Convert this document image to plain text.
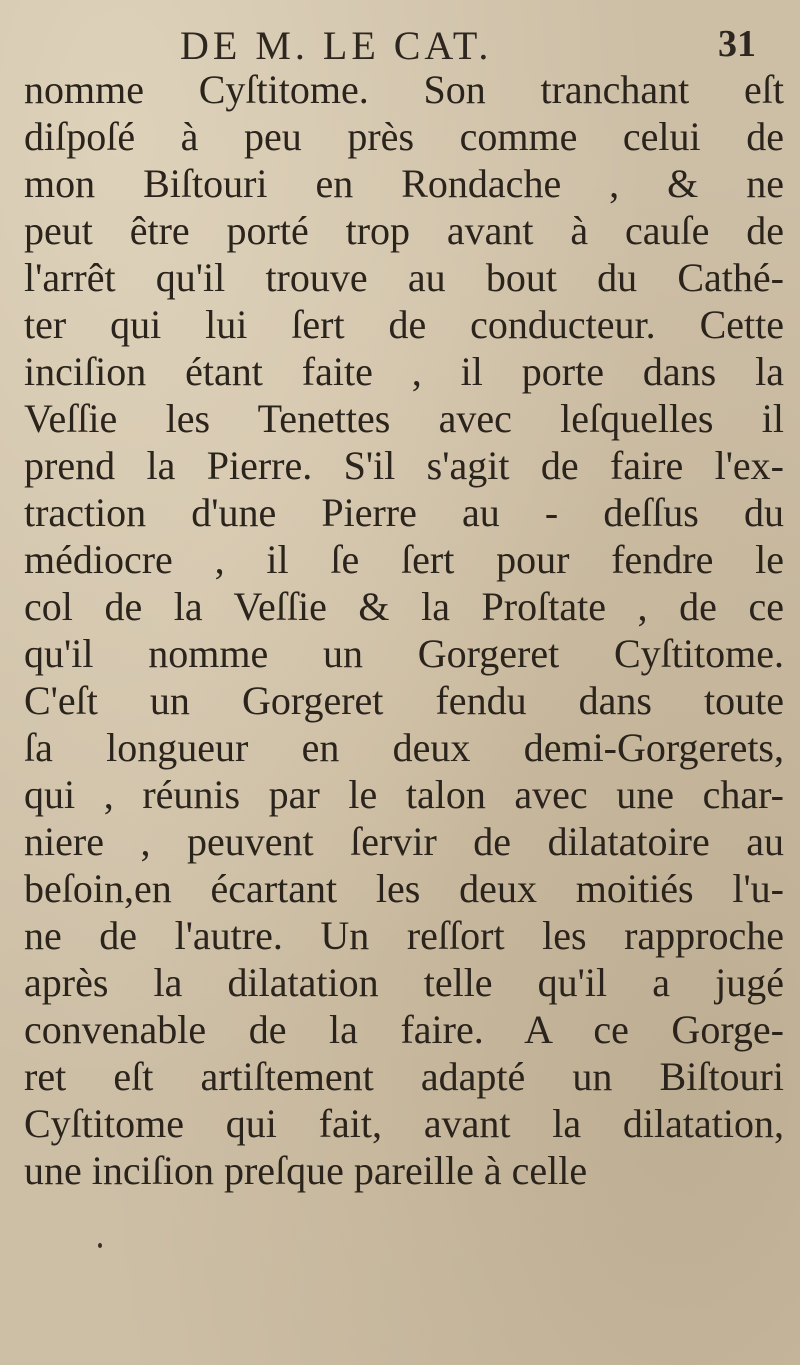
DE M. LE CAT.	31
nomme Cyſtitome. Son tranchant eſt
diſpoſé à peu près comme celui de
mon Biſtouri en Rondache , & ne
peut être porté trop avant à cauſe de
l'arrêt qu'il trouve au bout du Cathé-
ter qui lui ſert de conducteur. Cette
inciſion étant faite , il porte dans la
Veſſie les Tenettes avec leſquelles il
prend la Pierre. S'il s'agit de faire l'ex-
traction d'une Pierre au - deſſus du
médiocre , il ſe ſert pour fendre le
col de la Veſſie & la Proſtate , de ce
qu'il nomme un Gorgeret Cyſtitome.
C'eſt un Gorgeret fendu dans toute
ſa longueur en deux demi-Gorgerets,
qui , réunis par le talon avec une char-
niere , peuvent ſervir de dilatatoire au
beſoin,en écartant les deux moitiés l'u-
ne de l'autre. Un reſſort les rapproche
après la dilatation telle qu'il a jugé
convenable de la faire. A ce Gorge-
ret eſt artiſtement adapté un Biſtouri
Cyſtitome qui fait, avant la dilatation,
une inciſion preſque pareille à celle
